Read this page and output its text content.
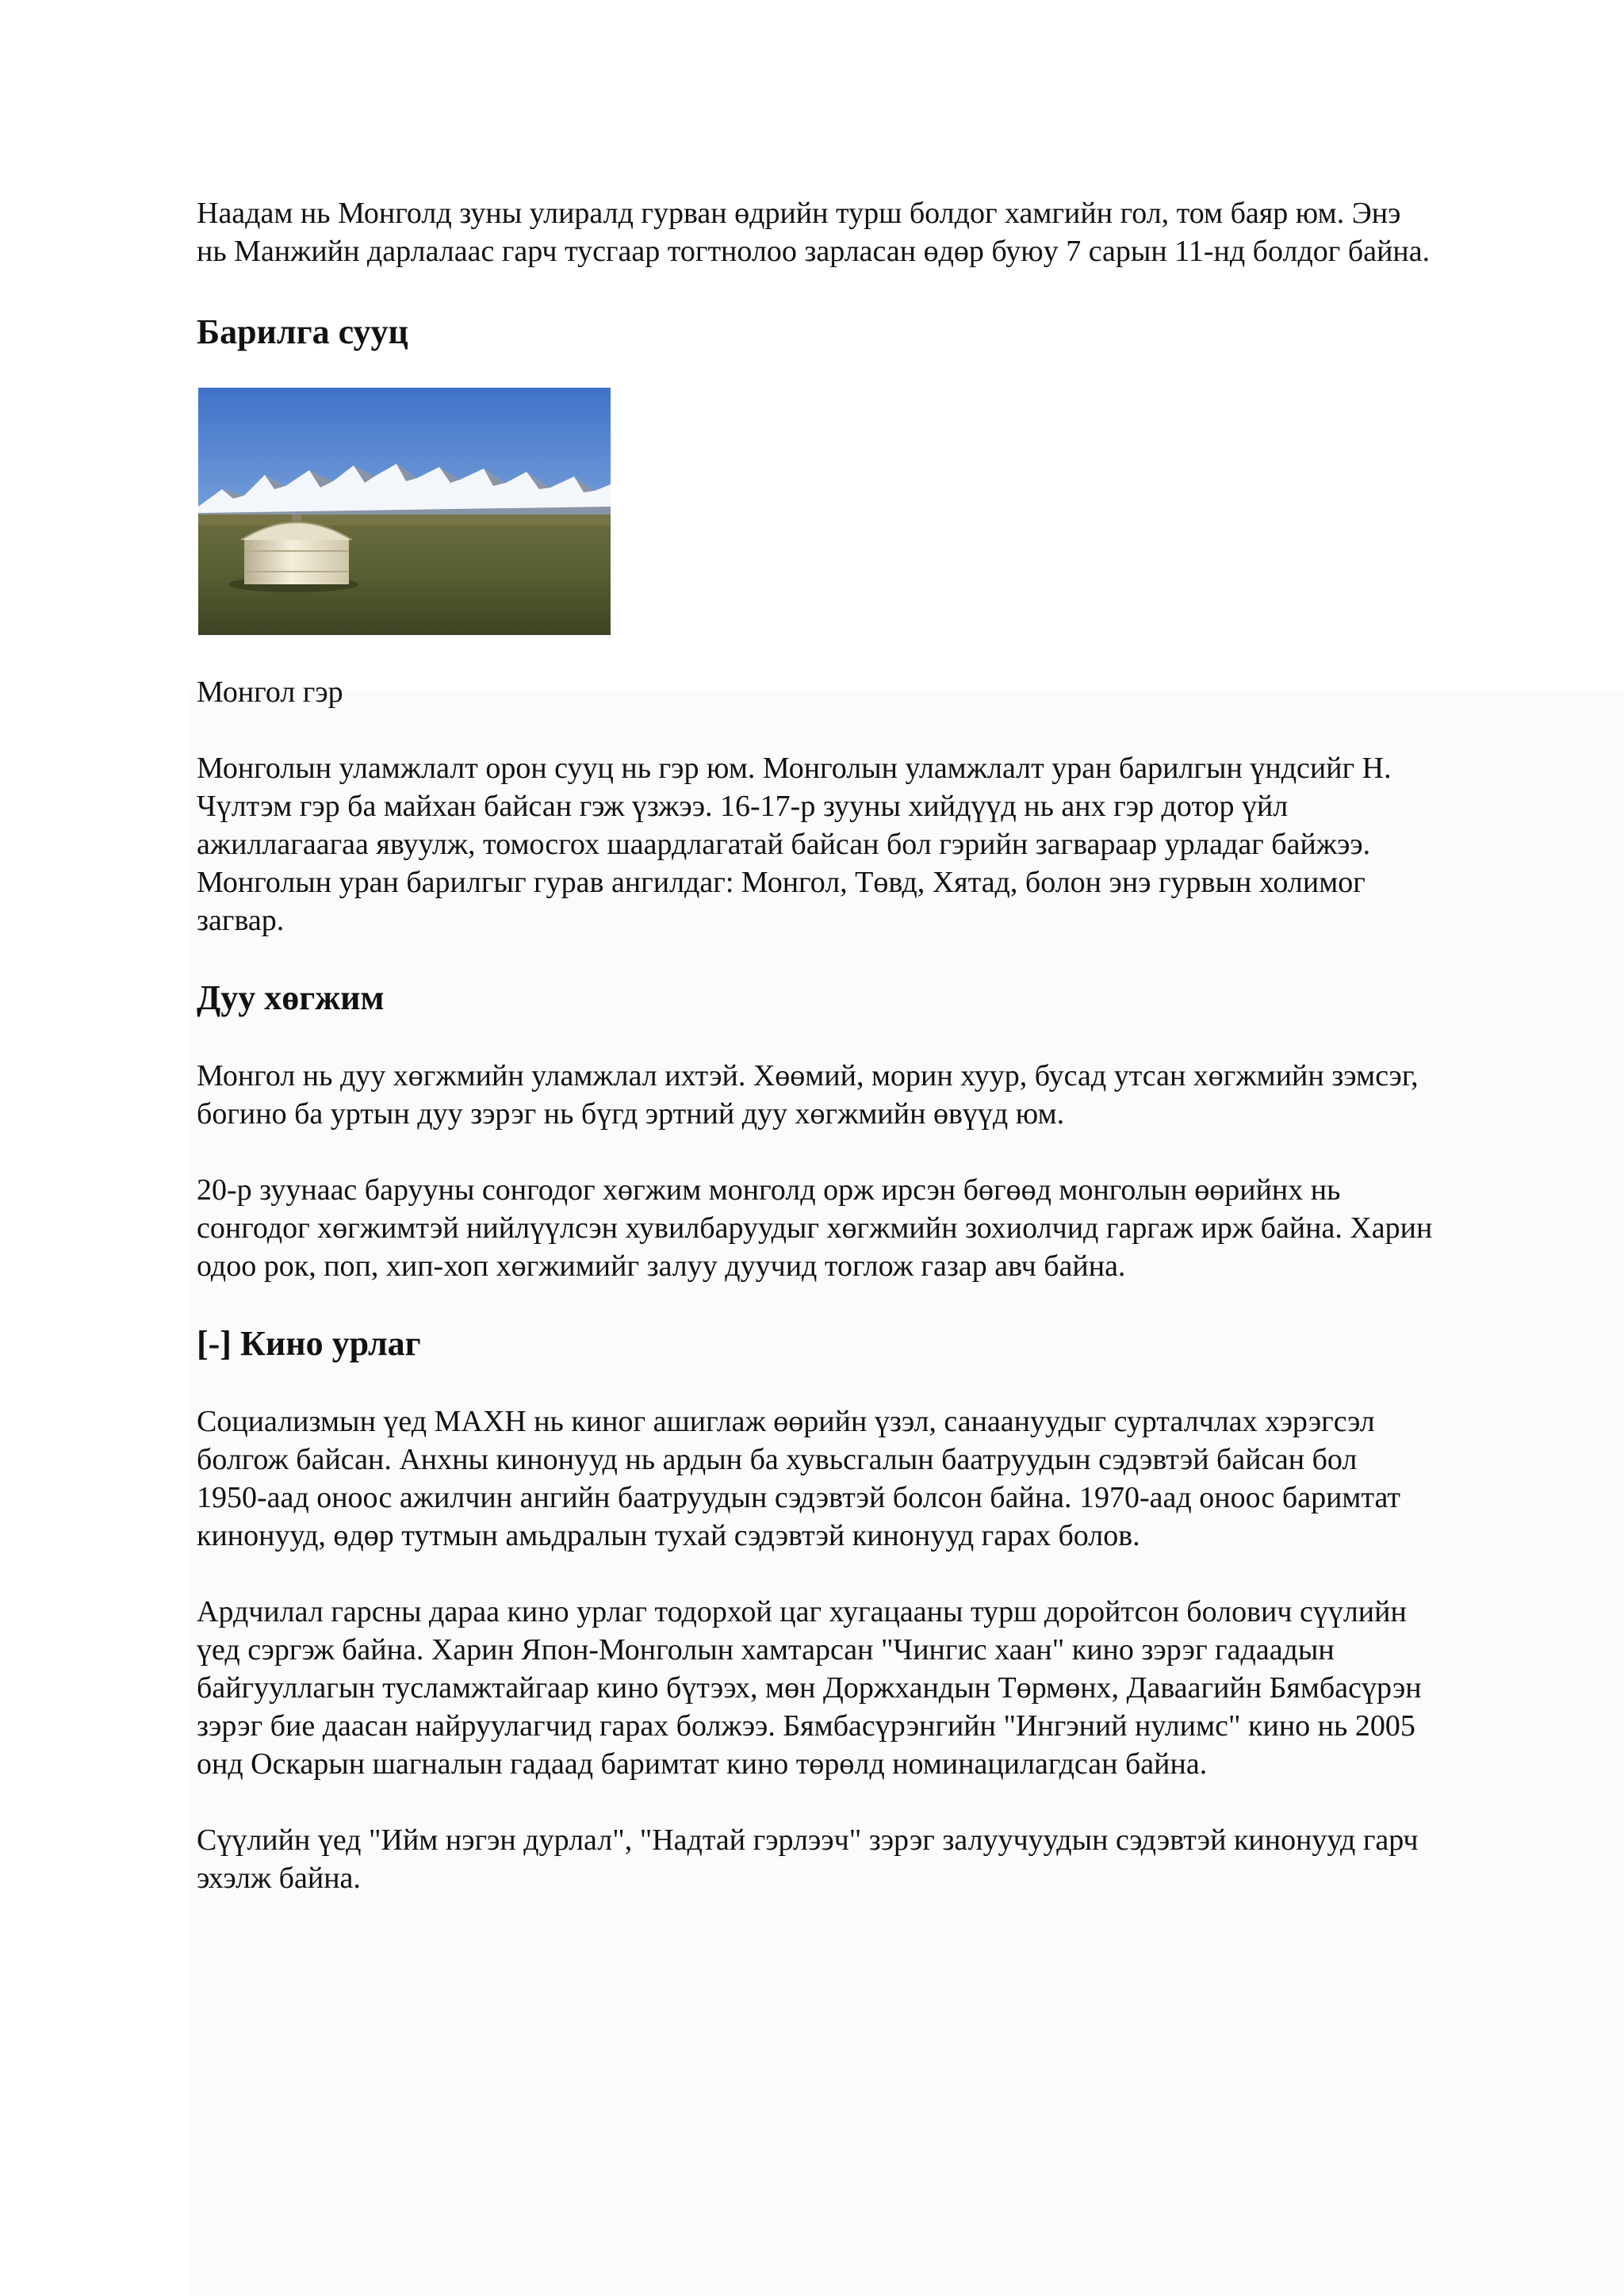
Наадам нь Монголд зуны улиралд гурван өдрийн турш болдог хамгийн гол, том баяр юм. Энэ нь Манжийн дарлалаас гарч тусгаар тогтнолоо зарласан өдөр буюу 7 сарын 11-нд болдог байна.

Барилга сууц

Монгол гэр

Монголын уламжлалт орон сууц нь гэр юм. Монголын уламжлалт уран барилгын үндсийг Н. Чүлтэм гэр ба майхан байсан гэж үзжээ. 16-17-р зууны хийдүүд нь анх гэр дотор үйл ажиллагаагаа явуулж, томосгох шаардлагатай байсан бол гэрийн загвараар урладаг байжээ. Монголын уран барилгыг гурав ангилдаг: Монгол, Төвд, Хятад, болон энэ гурвын холимог загвар.

Дуу хөгжим

Монгол нь дуу хөгжмийн уламжлал ихтэй. Хөөмий, морин хуур, бусад утсан хөгжмийн зэмсэг, богино ба уртын дуу зэрэг нь бүгд эртний дуу хөгжмийн өвүүд юм.

20-р зуунаас барууны сонгодог хөгжим монголд орж ирсэн бөгөөд монголын өөрийнх нь сонгодог хөгжимтэй нийлүүлсэн хувилбаруудыг хөгжмийн зохиолчид гаргаж ирж байна. Харин одоо рок, поп, хип-хоп хөгжимийг залуу дуучид тоглож газар авч байна.

[-] Кино урлаг

Социализмын үед МАХН нь киног ашиглаж өөрийн үзэл, санаануудыг сурталчлах хэрэгсэл болгож байсан. Анхны кинонууд нь ардын ба хувьсгалын баатруудын сэдэвтэй байсан бол 1950-аад оноос ажилчин ангийн баатруудын сэдэвтэй болсон байна. 1970-аад оноос баримтат кинонууд, өдөр тутмын амьдралын тухай сэдэвтэй кинонууд гарах болов.

Ардчилал гарсны дараа кино урлаг тодорхой цаг хугацааны турш доройтсон болович сүүлийн үед сэргэж байна. Харин Япон-Монголын хамтарсан "Чингис хаан" кино зэрэг гадаадын байгууллагын тусламжтайгаар кино бүтээх, мөн Доржхандын Төрмөнх, Даваагийн Бямбасүрэн зэрэг бие даасан найруулагчид гарах болжээ. Бямбасүрэнгийн "Ингэний нулимс" кино нь 2005 онд Оскарын шагналын гадаад баримтат кино төрөлд номинацилагдсан байна.

Сүүлийн үед "Ийм нэгэн дурлал", "Надтай гэрлээч" зэрэг залуучуудын сэдэвтэй кинонууд гарч эхэлж байна.
